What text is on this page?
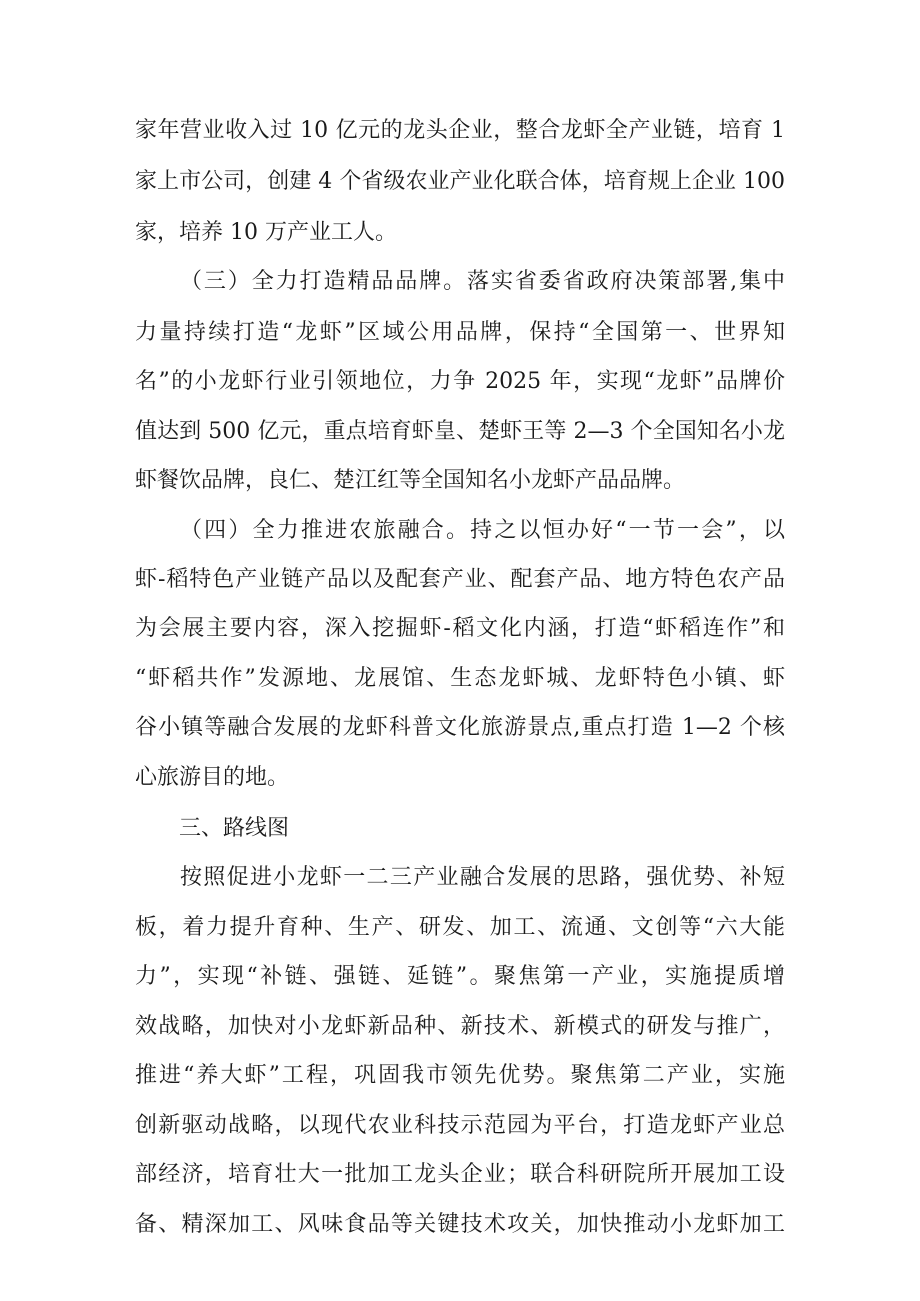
家年营业收入过 10 亿元的龙头企业，整合龙虾全产业链，培育 1
家上市公司，创建 4 个省级农业产业化联合体，培育规上企业 100
家，培养 10 万产业工人。
（三）全力打造精品品牌。落实省委省政府决策部署,集中
力量持续打造“龙虾”区域公用品牌，保持“全国第一、世界知
名”的小龙虾行业引领地位，力争 2025 年，实现“龙虾”品牌价
值达到 500 亿元，重点培育虾皇、楚虾王等 2—3 个全国知名小龙
虾餐饮品牌，良仁、楚江红等全国知名小龙虾产品品牌。
（四）全力推进农旅融合。持之以恒办好“一节一会”，以
虾-稻特色产业链产品以及配套产业、配套产品、地方特色农产品
为会展主要内容，深入挖掘虾-稻文化内涵，打造“虾稻连作”和
“虾稻共作”发源地、龙展馆、生态龙虾城、龙虾特色小镇、虾
谷小镇等融合发展的龙虾科普文化旅游景点,重点打造 1—2 个核
心旅游目的地。
三、路线图
按照促进小龙虾一二三产业融合发展的思路，强优势、补短
板，着力提升育种、生产、研发、加工、流通、文创等“六大能
力”，实现“补链、强链、延链”。聚焦第一产业，实施提质增
效战略，加快对小龙虾新品种、新技术、新模式的研发与推广，
推进“养大虾”工程，巩固我市领先优势。聚焦第二产业，实施
创新驱动战略，以现代农业科技示范园为平台，打造龙虾产业总
部经济，培育壮大一批加工龙头企业；联合科研院所开展加工设
备、精深加工、风味食品等关键技术攻关，加快推动小龙虾加工
